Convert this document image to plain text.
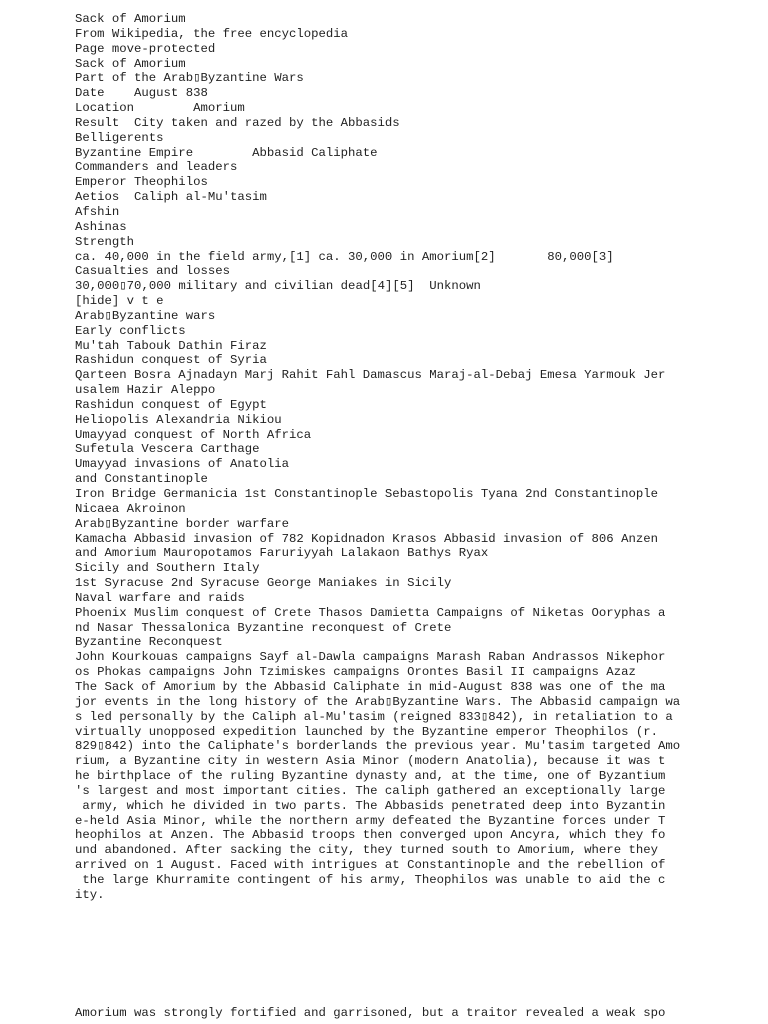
Sack of Amorium
From Wikipedia, the free encyclopedia
Page move-protected
Sack of Amorium
Part of the Arab▯Byzantine Wars
Date    August 838
Location        Amorium
Result  City taken and razed by the Abbasids
Belligerents
Byzantine Empire        Abbasid Caliphate
Commanders and leaders
Emperor Theophilos
Aetios  Caliph al-Mu'tasim
Afshin
Ashinas
Strength
ca. 40,000 in the field army,[1] ca. 30,000 in Amorium[2]       80,000[3]
Casualties and losses
30,000▯70,000 military and civilian dead[4][5]  Unknown
[hide] v t e
Arab▯Byzantine wars
Early conflicts
Mu'tah Tabouk Dathin Firaz
Rashidun conquest of Syria
Qarteen Bosra Ajnadayn Marj Rahit Fahl Damascus Maraj-al-Debaj Emesa Yarmouk Jer
usalem Hazir Aleppo
Rashidun conquest of Egypt
Heliopolis Alexandria Nikiou
Umayyad conquest of North Africa
Sufetula Vescera Carthage
Umayyad invasions of Anatolia
and Constantinople
Iron Bridge Germanicia 1st Constantinople Sebastopolis Tyana 2nd Constantinople
Nicaea Akroinon
Arab▯Byzantine border warfare
Kamacha Abbasid invasion of 782 Kopidnadon Krasos Abbasid invasion of 806 Anzen
and Amorium Mauropotamos Faruriyyah Lalakaon Bathys Ryax
Sicily and Southern Italy
1st Syracuse 2nd Syracuse George Maniakes in Sicily
Naval warfare and raids
Phoenix Muslim conquest of Crete Thasos Damietta Campaigns of Niketas Ooryphas a
nd Nasar Thessalonica Byzantine reconquest of Crete
Byzantine Reconquest
John Kourkouas campaigns Sayf al-Dawla campaigns Marash Raban Andrassos Nikephor
os Phokas campaigns John Tzimiskes campaigns Orontes Basil II campaigns Azaz
The Sack of Amorium by the Abbasid Caliphate in mid-August 838 was one of the ma
jor events in the long history of the Arab▯Byzantine Wars. The Abbasid campaign wa
s led personally by the Caliph al-Mu'tasim (reigned 833▯842), in retaliation to a
virtually unopposed expedition launched by the Byzantine emperor Theophilos (r.
829▯842) into the Caliphate's borderlands the previous year. Mu'tasim targeted Amo
rium, a Byzantine city in western Asia Minor (modern Anatolia), because it was t
he birthplace of the ruling Byzantine dynasty and, at the time, one of Byzantium
's largest and most important cities. The caliph gathered an exceptionally large
army, which he divided in two parts. The Abbasids penetrated deep into Byzantin
e-held Asia Minor, while the northern army defeated the Byzantine forces under T
heophilos at Anzen. The Abbasid troops then converged upon Ancyra, which they fo
und abandoned. After sacking the city, they turned south to Amorium, where they
arrived on 1 August. Faced with intrigues at Constantinople and the rebellion of
the large Khurramite contingent of his army, Theophilos was unable to aid the c
ity.
Amorium was strongly fortified and garrisoned, but a traitor revealed a weak spo
